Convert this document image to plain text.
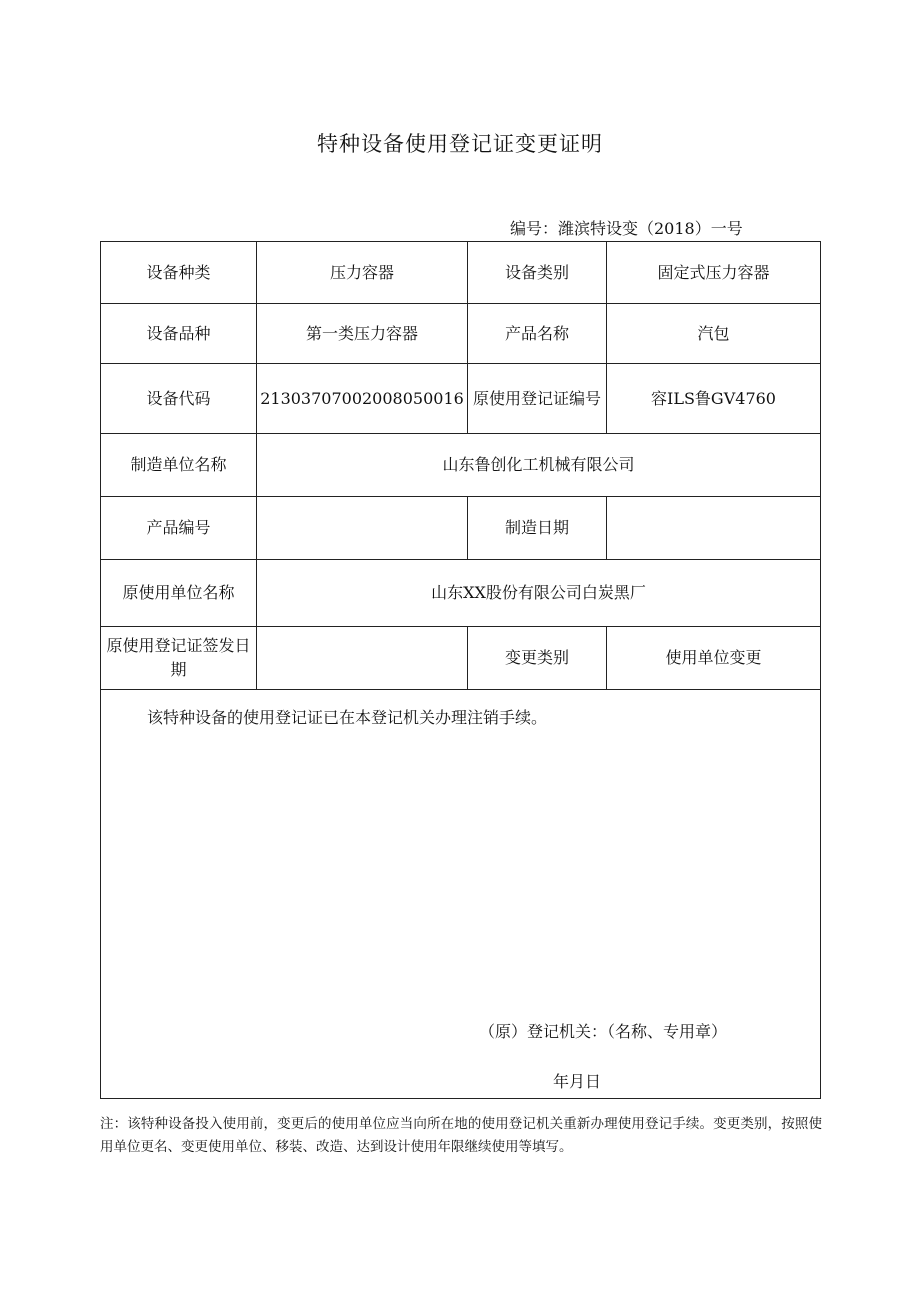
特种设备使用登记证变更证明
编号：潍滨特设变（2018）一号
设备种类	压力容器	设备类别	固定式压力容器
设备品种	第一类压力容器	产品名称	汽包
设备代码	21303707002008050016	原使用登记证编号	容ILS鲁GV4760
制造单位名称	山东鲁创化工机械有限公司		
产品编号		制造日期	
原使用单位名称	山东XX股份有限公司白炭黑厂		
原使用登记证签发日期		变更类别	使用单位变更

该特种设备的使用登记证已在本登记机关办理注销手续。
（原）登记机关：（名称、专用章）
年月日			
注：该特种设备投入使用前，变更后的使用单位应当向所在地的使用登记机关重新办理使用登记手续。变更类别，按照使用单位更名、变更使用单位、移装、改造、达到设计使用年限继续使用等填写。
